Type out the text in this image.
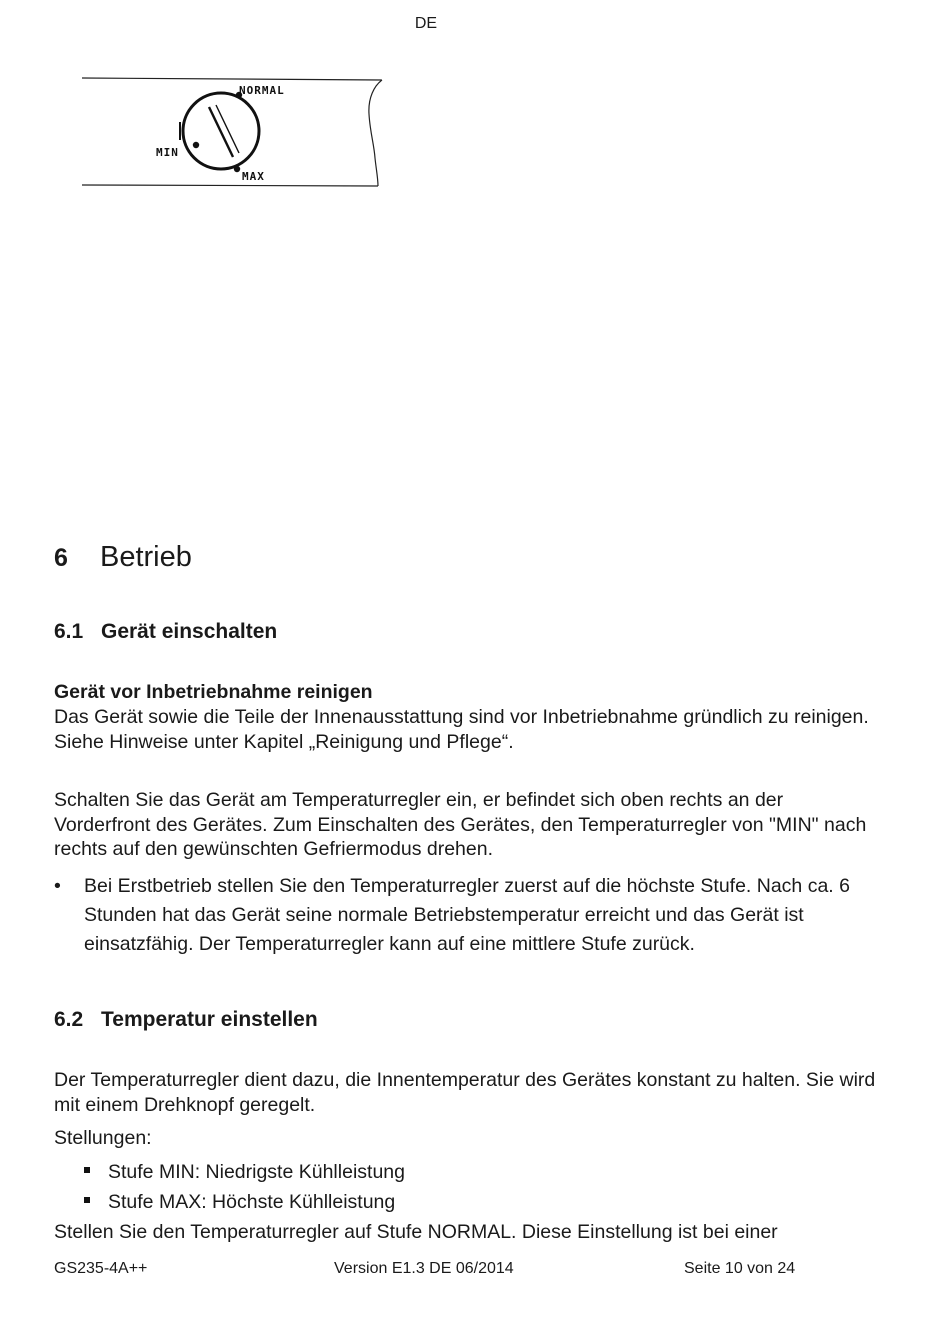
DE
NORMAL
MIN
MAX
6 Betrieb
6.1 Gerät einschalten
Gerät vor Inbetriebnahme reinigen
Das Gerät sowie die Teile der Innenausstattung sind vor Inbetriebnahme gründlich zu reinigen. Siehe Hinweise unter Kapitel „Reinigung und Pflege“.
Schalten Sie das Gerät am Temperaturregler ein, er befindet sich oben rechts an der Vorderfront des Gerätes. Zum Einschalten des Gerätes, den Temperaturregler von "MIN" nach rechts auf den gewünschten Gefriermodus drehen.
•	Bei Erstbetrieb stellen Sie den Temperaturregler zuerst auf die höchste Stufe. Nach ca. 6 Stunden hat das Gerät seine normale Betriebstemperatur erreicht und das Gerät ist einsatzfähig. Der Temperaturregler kann auf eine mittlere Stufe zurück.
6.2 Temperatur einstellen
Der Temperaturregler dient dazu, die Innentemperatur des Gerätes konstant zu halten. Sie wird mit einem Drehknopf geregelt.
Stellungen:
Stufe MIN: Niedrigste Kühlleistung
Stufe MAX: Höchste Kühlleistung
Stellen Sie den Temperaturregler auf Stufe NORMAL. Diese Einstellung ist bei einer
GS235-4A++	Version E1.3 DE 06/2014	Seite 10 von 24
